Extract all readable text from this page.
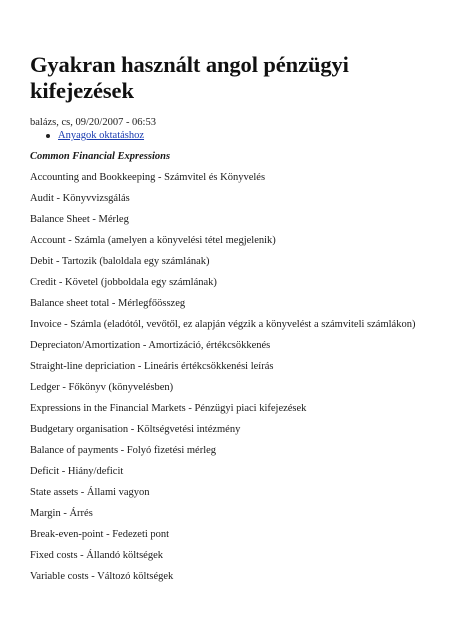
Gyakran használt angol pénzügyi kifejezések
balázs, cs, 09/20/2007 - 06:53
Anyagok oktatáshoz
Common Financial Expressions
Accounting and Bookkeeping - Számvitel és Könyvelés
Audit - Könyvvizsgálás
Balance Sheet - Mérleg
Account - Számla (amelyen a könyvelési tétel megjelenik)
Debit - Tartozik (baloldala egy számlának)
Credit - Követel (jobboldala egy számlának)
Balance sheet total - Mérlegfőösszeg
Invoice - Számla (eladótól, vevőtől, ez alapján végzik a könyvelést a számviteli számlákon)
Depreciaton/Amortization - Amortizáció, értékcsökkenés
Straight-line depriciation - Lineáris értékcsökkenési leírás
Ledger - Főkönyv (könyvelésben)
Expressions in the Financial Markets - Pénzügyi piaci kifejezések
Budgetary organisation - Költségvetési intézmény
Balance of payments - Folyó fizetési mérleg
Deficit - Hiány/deficit
State assets - Állami vagyon
Margin - Árrés
Break-even-point - Fedezeti pont
Fixed costs - Állandó költségek
Variable costs - Változó költségek
